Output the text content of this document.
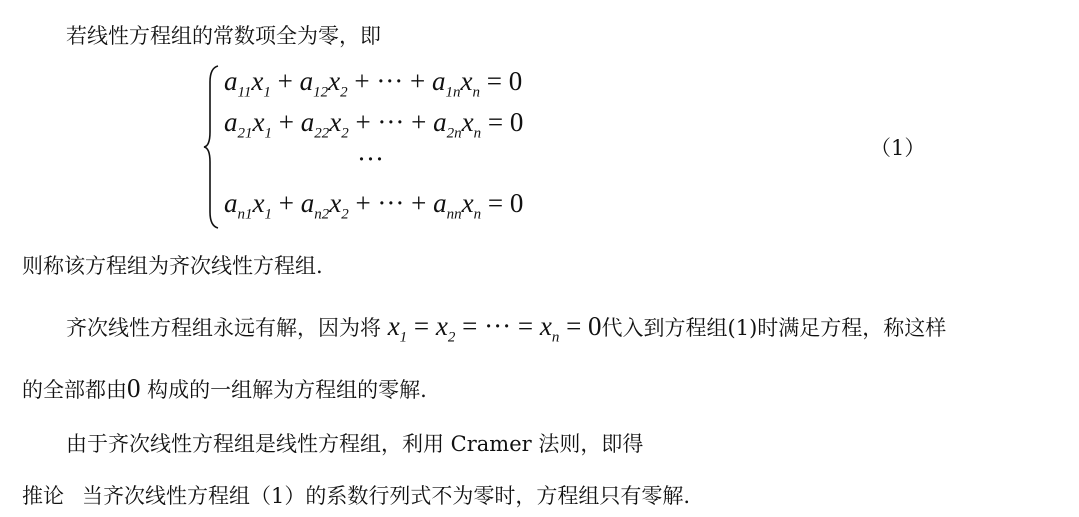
若线性方程组的常数项全为零，即
$a_{11}x_1 + a_{12}x_2$ + ··· + $a_{1n}x_n = 0$
$a_{21}x_1 + a_{22}x_2$ + ··· + $a_{2n}x_n = 0$
···
$a_{n1}x_1 + a_{n2}x_2$ + ··· + $a_{nn}x_n = 0$
（1）
则称该方程组为齐次线性方程组.
齐次线性方程组永远有解，因为将 $x_1 = x_2$ = ··· = $x_n = 0$代入到方程组(1)时满足方程，称这样
的全部都由0 构成的一组解为方程组的零解.
由于齐次线性方程组是线性方程组，利用 Cramer 法则，即得
推论 当齐次线性方程组（1）的系数行列式不为零时，方程组只有零解.
